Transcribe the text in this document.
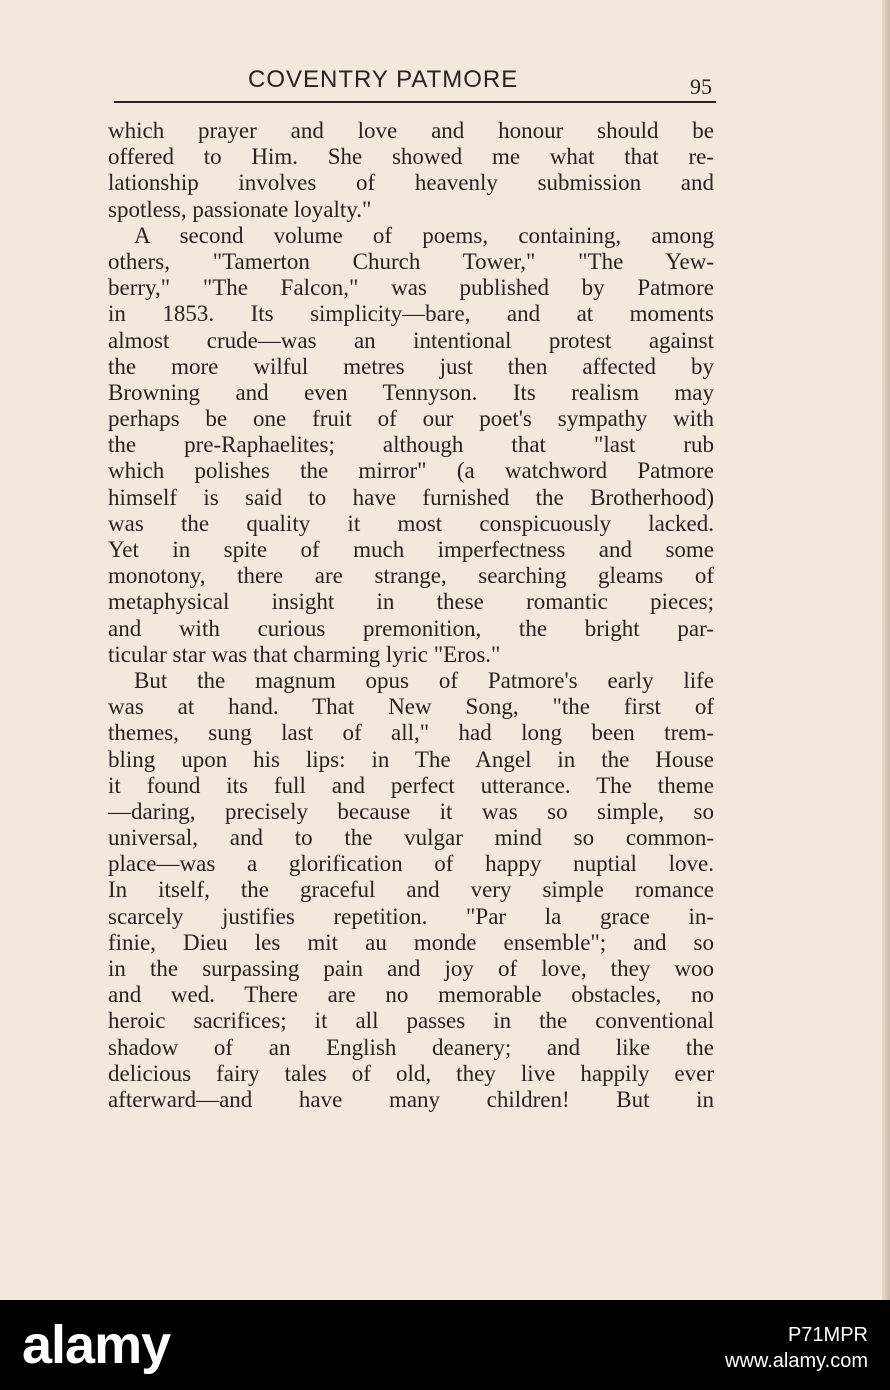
COVENTRY PATMORE	95
which prayer and love and honour should be
offered to Him. She showed me what that re-
lationship involves of heavenly submission and
spotless, passionate loyalty."
A second volume of poems, containing, among
others, "Tamerton Church Tower," "The Yew-
berry," "The Falcon," was published by Patmore
in 1853. Its simplicity—bare, and at moments
almost crude—was an intentional protest against
the more wilful metres just then affected by
Browning and even Tennyson. Its realism may
perhaps be one fruit of our poet's sympathy with
the pre-Raphaelites; although that "last rub
which polishes the mirror" (a watchword Patmore
himself is said to have furnished the Brotherhood)
was the quality it most conspicuously lacked.
Yet in spite of much imperfectness and some
monotony, there are strange, searching gleams of
metaphysical insight in these romantic pieces;
and with curious premonition, the bright par-
ticular star was that charming lyric "Eros."
But the magnum opus of Patmore's early life
was at hand. That New Song, "the first of
themes, sung last of all," had long been trem-
bling upon his lips: in The Angel in the House
it found its full and perfect utterance. The theme
—daring, precisely because it was so simple, so
universal, and to the vulgar mind so common-
place—was a glorification of happy nuptial love.
In itself, the graceful and very simple romance
scarcely justifies repetition. "Par la grace in-
finie, Dieu les mit au monde ensemble"; and so
in the surpassing pain and joy of love, they woo
and wed. There are no memorable obstacles, no
heroic sacrifices; it all passes in the conventional
shadow of an English deanery; and like the
delicious fairy tales of old, they live happily ever
afterward—and have many children! But in
alamy	P71MPR
www.alamy.com
